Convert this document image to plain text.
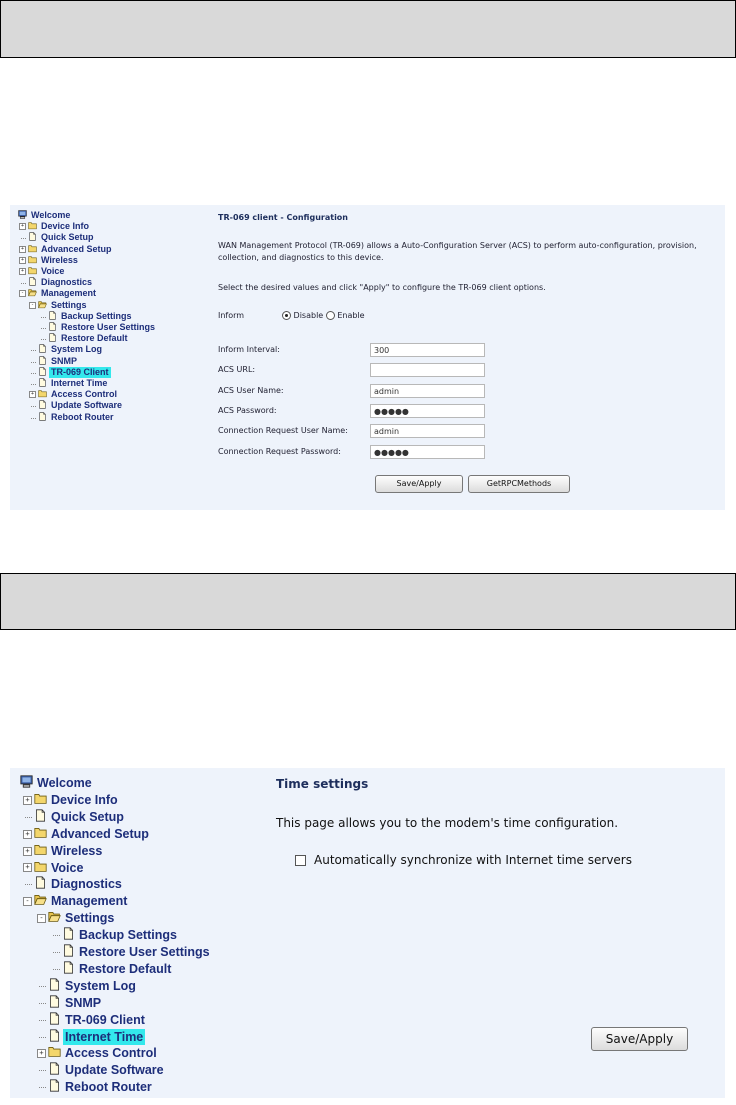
Welcome
+ Device Info
Quick Setup
+ Advanced Setup
+ Wireless
+ Voice
Diagnostics
- Management
- Settings
Backup Settings
Restore User Settings
Restore Default
System Log
SNMP
TR-069 Client
Internet Time
+ Access Control
Update Software
Reboot Router
TR-069 client - Configuration
WAN Management Protocol (TR-069) allows a Auto-Configuration Server (ACS) to perform auto-configuration, provision, collection, and diagnostics to this device.
Select the desired values and click "Apply" to configure the TR-069 client options.
Inform	Disable Enable
Inform Interval:	300
ACS URL:
ACS User Name:	admin
ACS Password:	●●●●●
Connection Request User Name:	admin
Connection Request Password:	●●●●●
Save/Apply	GetRPCMethods
Welcome
+ Device Info
Quick Setup
+ Advanced Setup
+ Wireless
+ Voice
Diagnostics
- Management
- Settings
Backup Settings
Restore User Settings
Restore Default
System Log
SNMP
TR-069 Client
Internet Time
+ Access Control
Update Software
Reboot Router
Time settings
This page allows you to the modem's time configuration.
Automatically synchronize with Internet time servers
Save/Apply
